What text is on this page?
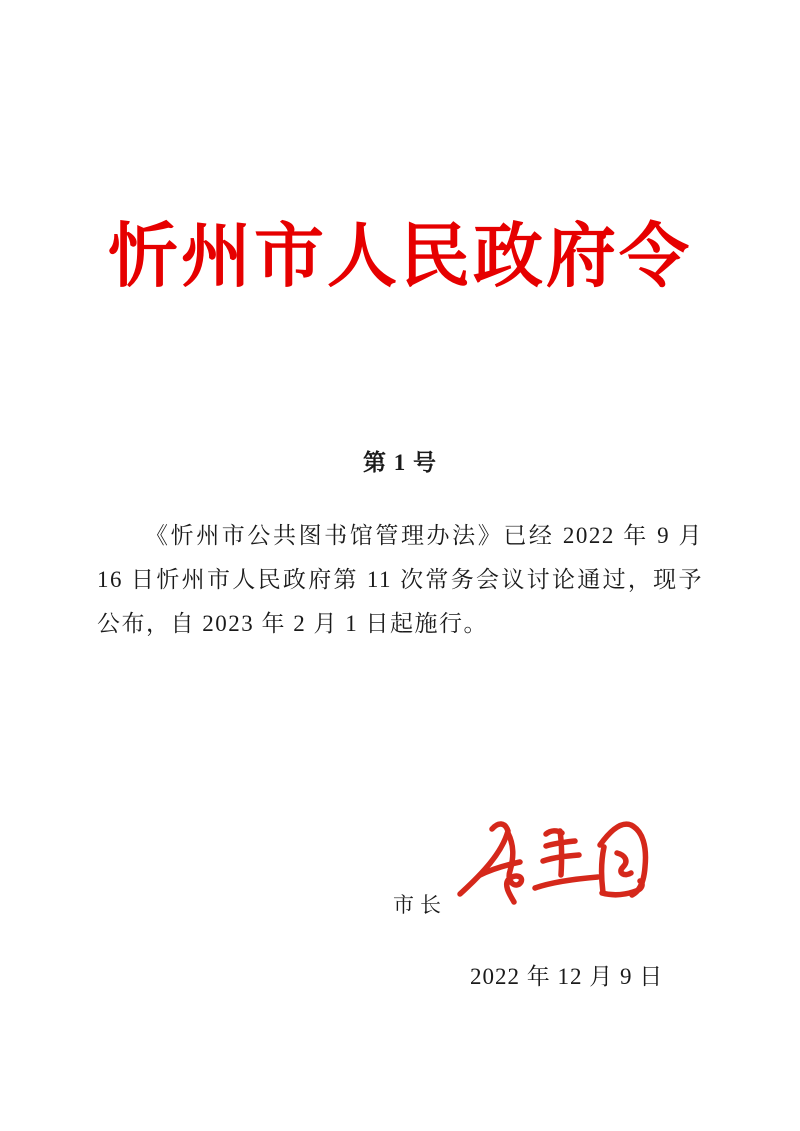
忻州市人民政府令
第 1 号

《忻州市公共图书馆管理办法》已经 2022 年 9 月 16 日忻州市人民政府第 11 次常务会议讨论通过，现予公布，自 2023 年 2 月 1 日起施行。

市长
2022 年 12 月 9 日
